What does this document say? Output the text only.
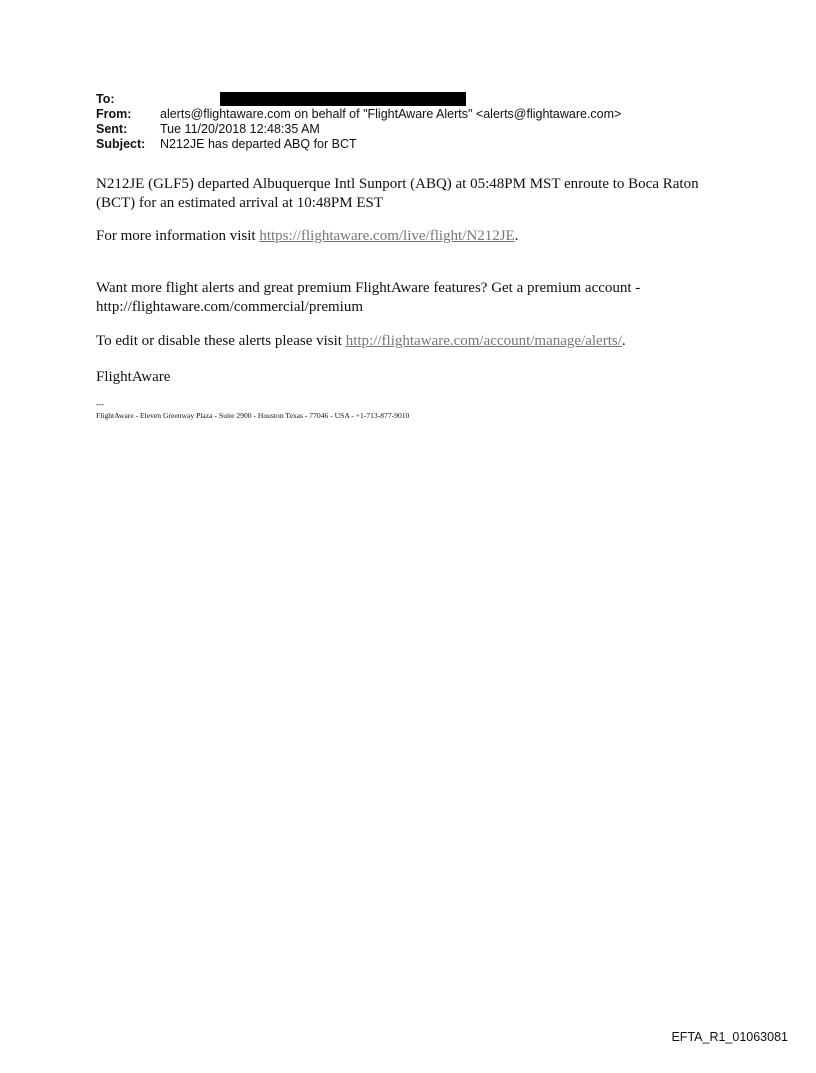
To:
From:	alerts@flightaware.com on behalf of "FlightAware Alerts" <alerts@flightaware.com>
Sent:	Tue 11/20/2018 12:48:35 AM
Subject:	N212JE has departed ABQ for BCT
N212JE (GLF5) departed Albuquerque Intl Sunport (ABQ) at 05:48PM MST enroute to Boca Raton (BCT) for an estimated arrival at 10:48PM EST
For more information visit https://flightaware.com/live/flight/N212JE.
Want more flight alerts and great premium FlightAware features? Get a premium account - http://flightaware.com/commercial/premium
To edit or disable these alerts please visit http://flightaware.com/account/manage/alerts/.
FlightAware
---
FlightAware - Eleven Greenway Plaza - Suite 2900 - Houston Texas - 77046 - USA - +1-713-877-9010
EFTA_R1_01063081
